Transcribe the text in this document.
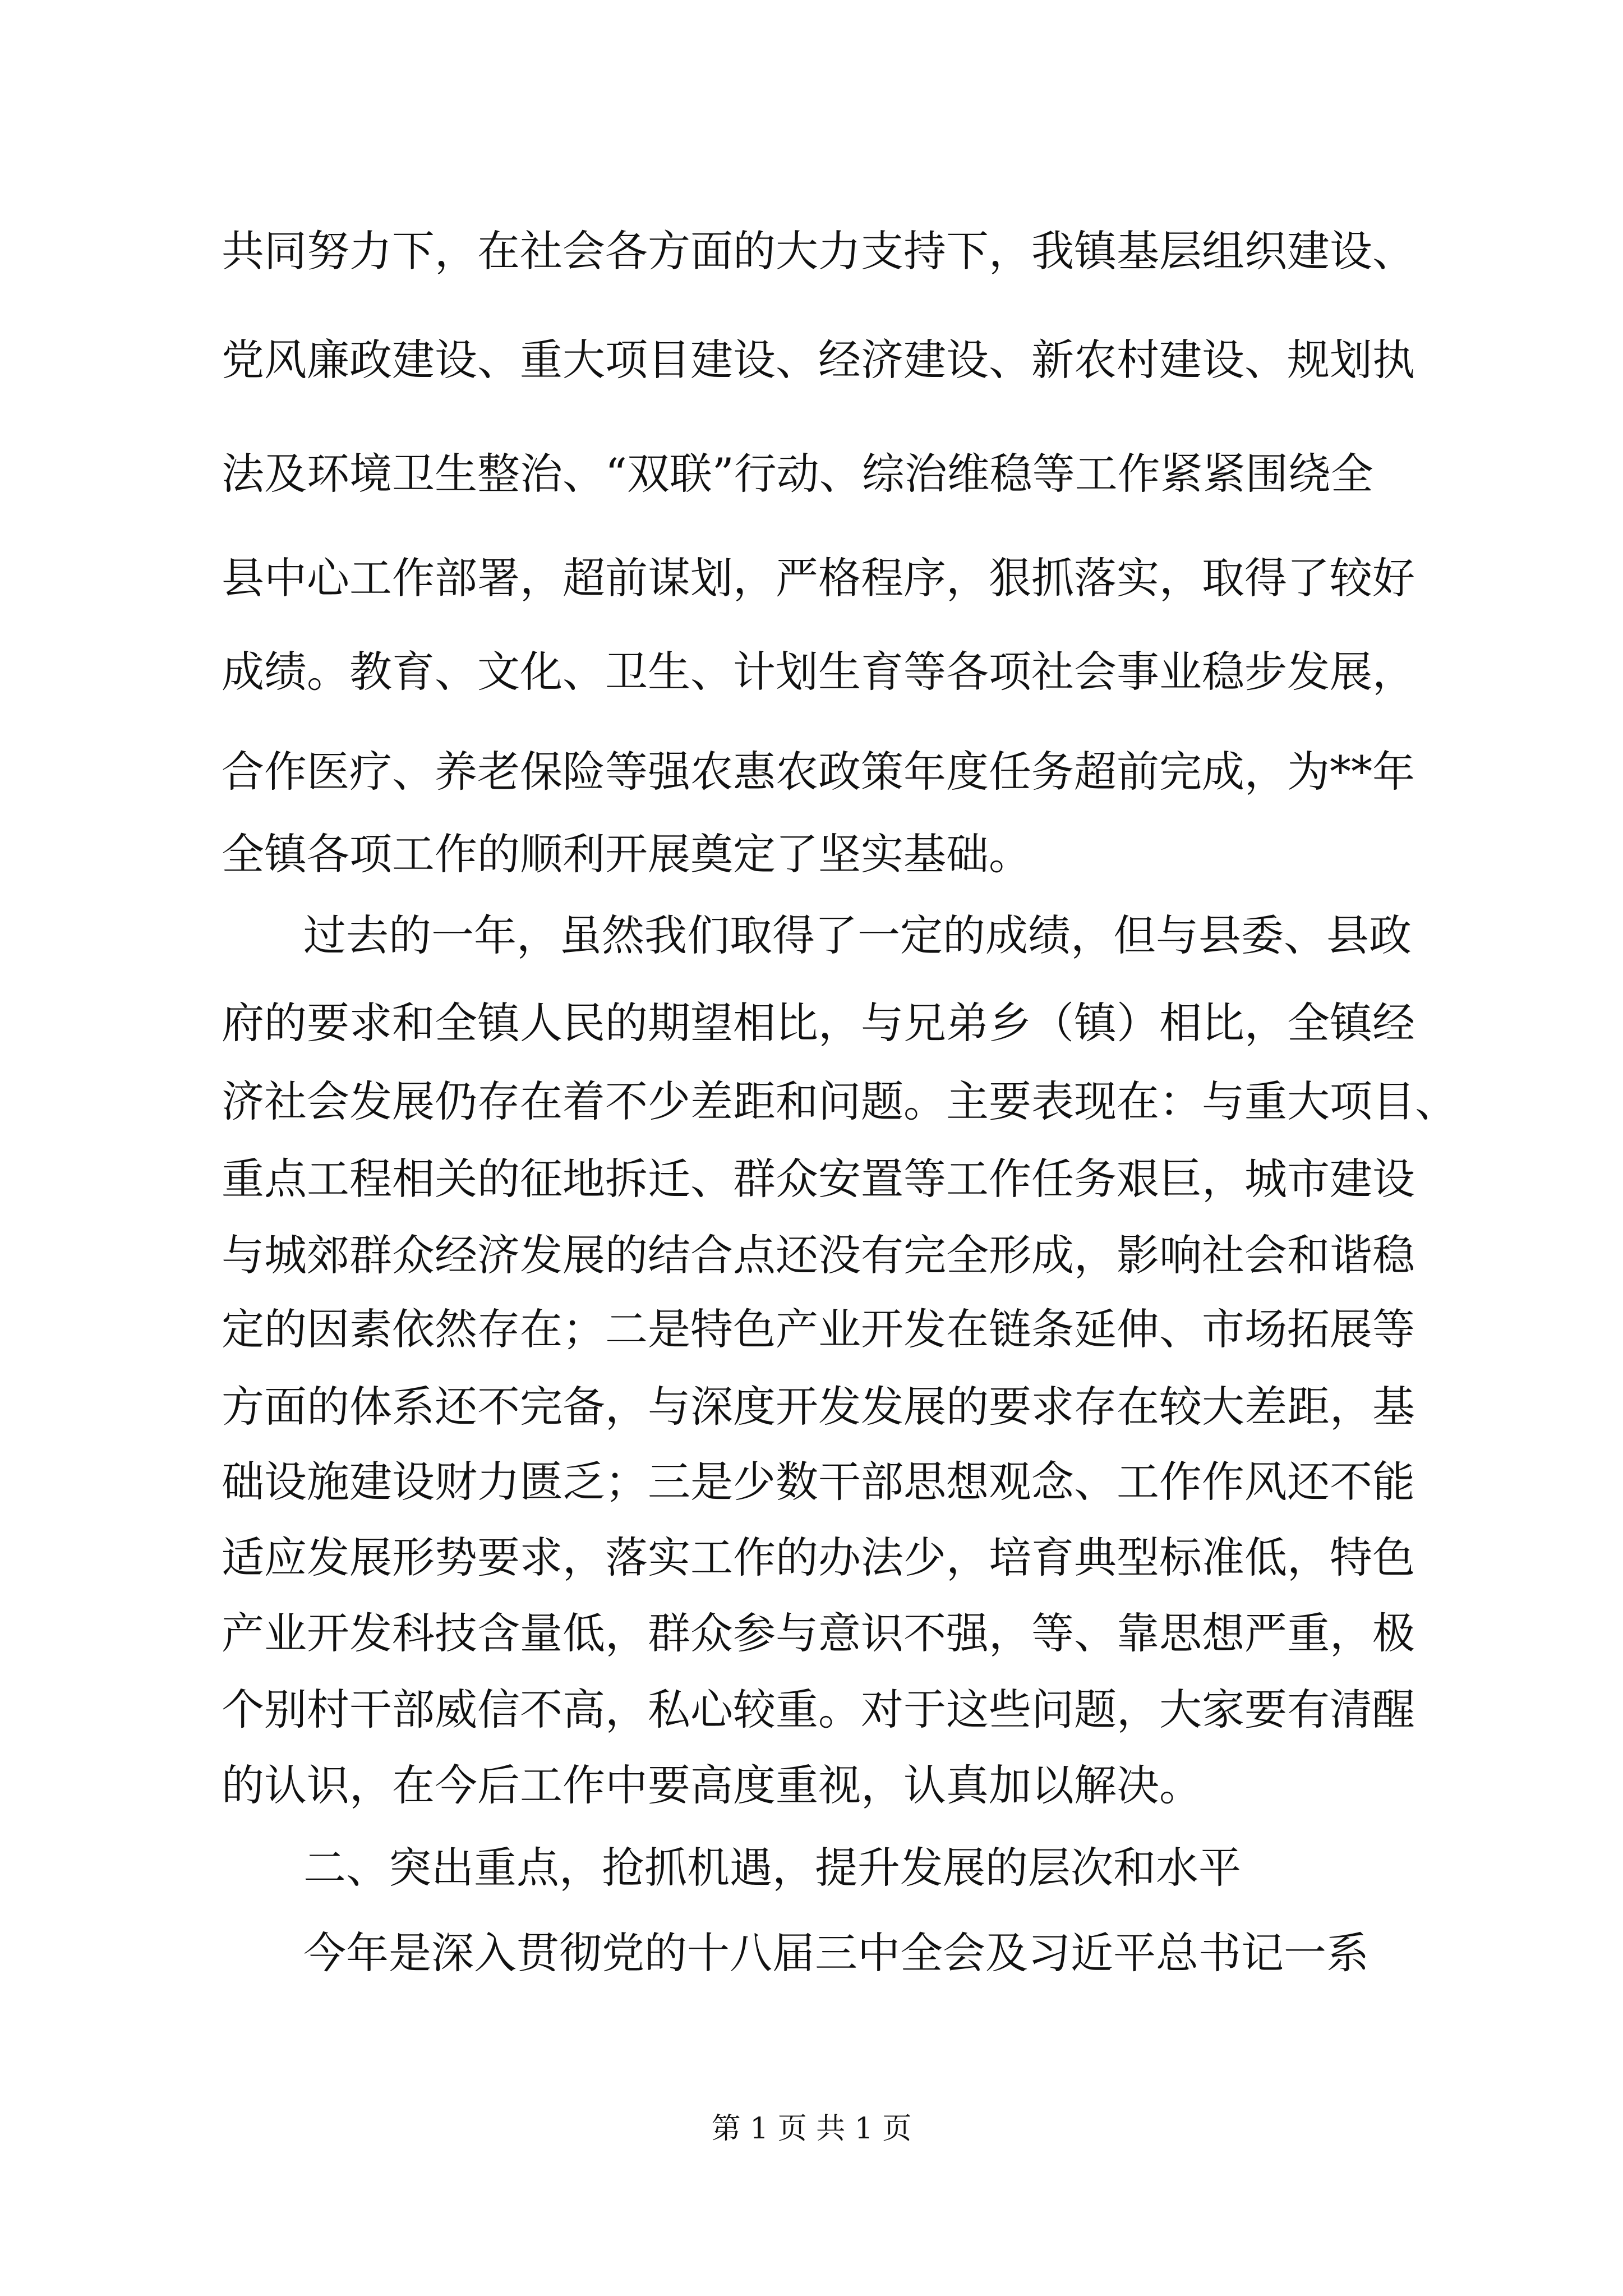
共同努力下，在社会各方面的大力支持下，我镇基层组织建设、
党风廉政建设、重大项目建设、经济建设、新农村建设、规划执
法及环境卫生整治、“双联”行动、综治维稳等工作紧紧围绕全
县中心工作部署，超前谋划，严格程序，狠抓落实，取得了较好
成绩。教育、文化、卫生、计划生育等各项社会事业稳步发展，
合作医疗、养老保险等强农惠农政策年度任务超前完成，为**年
全镇各项工作的顺利开展奠定了坚实基础。
过去的一年，虽然我们取得了一定的成绩，但与县委、县政
府的要求和全镇人民的期望相比，与兄弟乡（镇）相比，全镇经
济社会发展仍存在着不少差距和问题。主要表现在：与重大项目、
重点工程相关的征地拆迁、群众安置等工作任务艰巨，城市建设
与城郊群众经济发展的结合点还没有完全形成，影响社会和谐稳
定的因素依然存在；二是特色产业开发在链条延伸、市场拓展等
方面的体系还不完备，与深度开发发展的要求存在较大差距，基
础设施建设财力匮乏；三是少数干部思想观念、工作作风还不能
适应发展形势要求，落实工作的办法少，培育典型标准低，特色
产业开发科技含量低，群众参与意识不强，等、靠思想严重，极
个别村干部威信不高，私心较重。对于这些问题，大家要有清醒
的认识，在今后工作中要高度重视，认真加以解决。
二、突出重点，抢抓机遇，提升发展的层次和水平
今年是深入贯彻党的十八届三中全会及习近平总书记一系
第 1 页 共 1 页
